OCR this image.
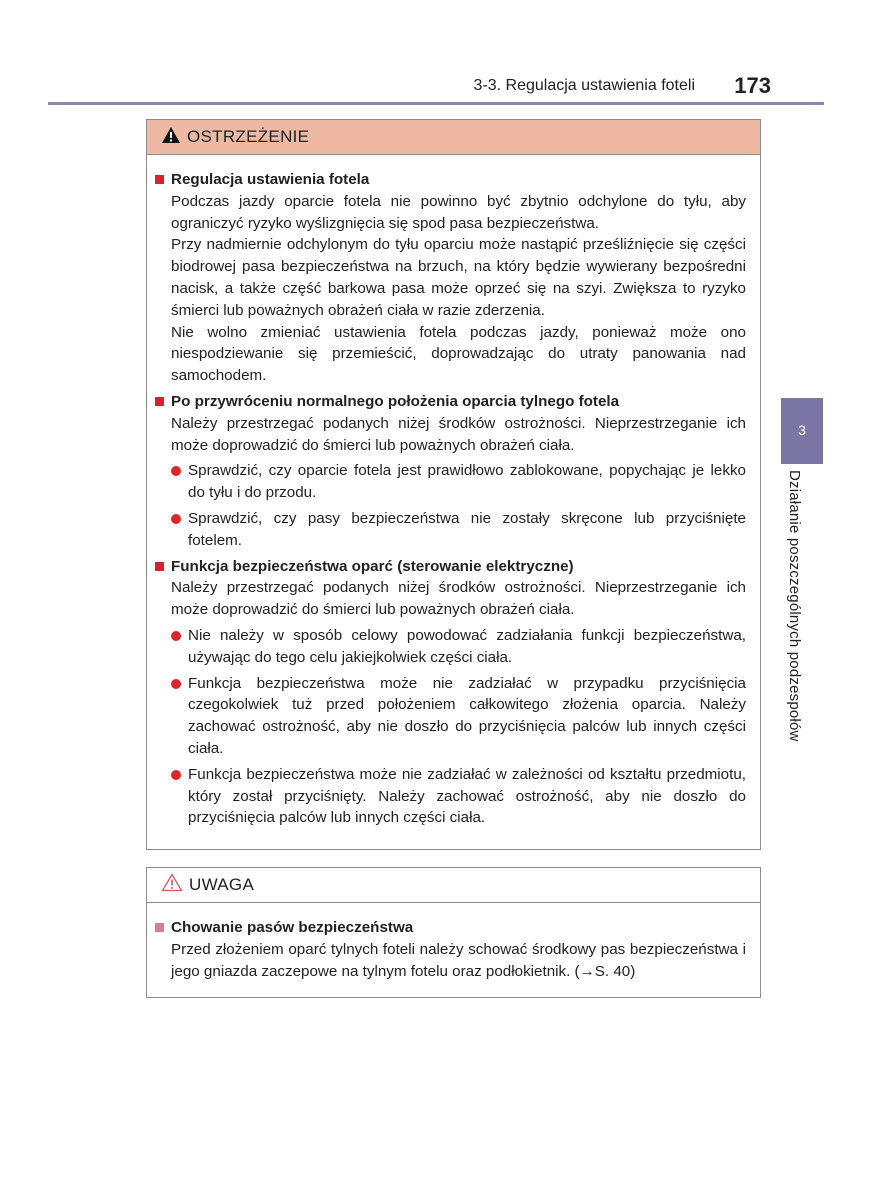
3-3. Regulacja ustawienia foteli 173
3
Działanie poszczególnych podzespołów
OSTRZEŻENIE
Regulacja ustawienia fotela
Podczas jazdy oparcie fotela nie powinno być zbytnio odchylone do tyłu, aby ograniczyć ryzyko wyślizgnięcia się spod pasa bezpieczeństwa.
Przy nadmiernie odchylonym do tyłu oparciu może nastąpić prześliźnięcie się części biodrowej pasa bezpieczeństwa na brzuch, na który będzie wywierany bezpośredni nacisk, a także część barkowa pasa może oprzeć się na szyi. Zwiększa to ryzyko śmierci lub poważnych obrażeń ciała w razie zderzenia.
Nie wolno zmieniać ustawienia fotela podczas jazdy, ponieważ może ono niespodziewanie się przemieścić, doprowadzając do utraty panowania nad samochodem.
Po przywróceniu normalnego położenia oparcia tylnego fotela
Należy przestrzegać podanych niżej środków ostrożności. Nieprzestrzeganie ich może doprowadzić do śmierci lub poważnych obrażeń ciała.
Sprawdzić, czy oparcie fotela jest prawidłowo zablokowane, popychając je lekko do tyłu i do przodu.
Sprawdzić, czy pasy bezpieczeństwa nie zostały skręcone lub przyciśnięte fotelem.
Funkcja bezpieczeństwa oparć (sterowanie elektryczne)
Należy przestrzegać podanych niżej środków ostrożności. Nieprzestrzeganie ich może doprowadzić do śmierci lub poważnych obrażeń ciała.
Nie należy w sposób celowy powodować zadziałania funkcji bezpieczeństwa, używając do tego celu jakiejkolwiek części ciała.
Funkcja bezpieczeństwa może nie zadziałać w przypadku przyciśnięcia czegokolwiek tuż przed położeniem całkowitego złożenia oparcia. Należy zachować ostrożność, aby nie doszło do przyciśnięcia palców lub innych części ciała.
Funkcja bezpieczeństwa może nie zadziałać w zależności od kształtu przedmiotu, który został przyciśnięty. Należy zachować ostrożność, aby nie doszło do przyciśnięcia palców lub innych części ciała.
UWAGA
Chowanie pasów bezpieczeństwa
Przed złożeniem oparć tylnych foteli należy schować środkowy pas bezpieczeństwa i jego gniazda zaczepowe na tylnym fotelu oraz podłokietnik. (→S. 40)
